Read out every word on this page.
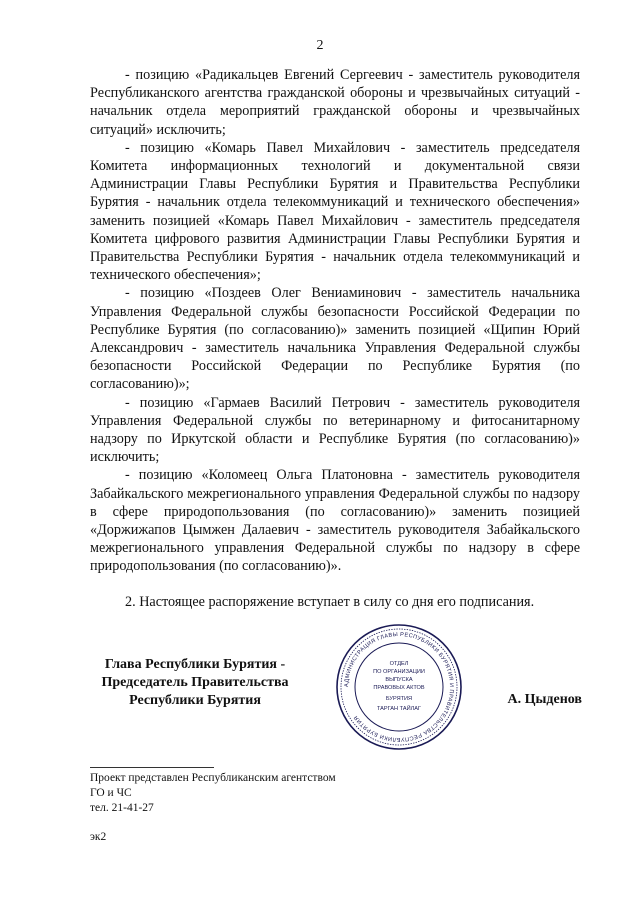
2

- позицию «Радикальцев Евгений Сергеевич - заместитель руководителя Республиканского агентства гражданской обороны и чрезвычайных ситуаций - начальник отдела мероприятий гражданской обороны и чрезвычайных ситуаций» исключить;

- позицию «Комарь Павел Михайлович - заместитель председателя Комитета информационных технологий и документальной связи Администрации Главы Республики Бурятия и Правительства Республики Бурятия - начальник отдела телекоммуникаций и технического обеспечения» заменить позицией «Комарь Павел Михайлович - заместитель председателя Комитета цифрового развития Администрации Главы Республики Бурятия и Правительства Республики Бурятия - начальник отдела телекоммуникаций и технического обеспечения»;

- позицию «Поздеев Олег Вениаминович - заместитель начальника Управления Федеральной службы безопасности Российской Федерации по Республике Бурятия (по согласованию)» заменить позицией «Щипин Юрий Александрович - заместитель начальника Управления Федеральной службы безопасности Российской Федерации по Республике Бурятия (по согласованию)»;

- позицию «Гармаев Василий Петрович - заместитель руководителя Управления Федеральной службы по ветеринарному и фитосанитарному надзору по Иркутской области и Республике Бурятия (по согласованию)» исключить;

- позицию «Коломеец Ольга Платоновна - заместитель руководителя Забайкальского межрегионального управления Федеральной службы по надзору в сфере природопользования (по согласованию)» заменить позицией «Доржижапов Цымжен Далаевич - заместитель руководителя Забайкальского межрегионального управления Федеральной службы по надзору в сфере природопользования (по согласованию)».

2. Настоящее распоряжение вступает в силу со дня его подписания.

Глава Республики Бурятия -
Председатель Правительства
Республики Бурятия
АДМИНИСТРАЦИЯ ГЛАВЫ РЕСПУБЛИКИ БУРЯТИЯ И ПРАВИТЕЛЬСТВА РЕСПУБЛИКИ БУРЯТИЯ
ОТДЕЛ
ПО ОРГАНИЗАЦИИ
ВЫПУСКА
ПРАВОВЫХ АКТОВ
БУРЯТИЯ
ТАРГАН ТАЙЛАГ
А. Цыденов
Проект представлен Республиканским агентством
ГО и ЧС
тел. 21-41-27
эк2
